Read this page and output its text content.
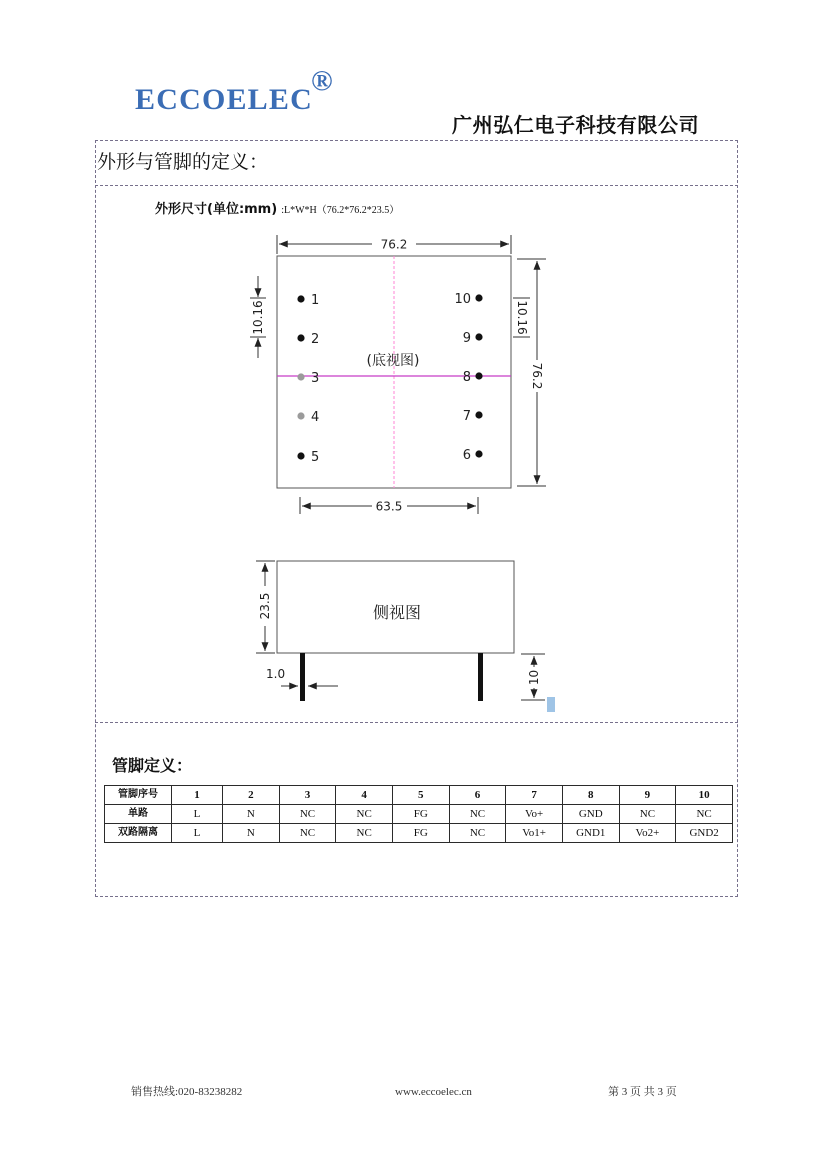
ECCOELEC
®
广州弘仁电子科技有限公司
外形与管脚的定义：
外形尺寸(单位:mm) :L*W*H（76.2*76.2*23.5）
(底视图)
1
2
3
4
5
10
9
8
7
6
76.2
76.2
10.16	10.16
63.5
侧视图
23.5
1.0	10
管脚定义：
管脚序号	1	2	3	4	5	6	7	8	9	10
单路	L	N	NC	NC	FG	NC	Vo+	GND	NC	NC
双路隔离	L	N	NC	NC	FG	NC	Vo1+	GND1	Vo2+	GND2
销售热线:020-83238282	www.eccoelec.cn	第 3 页 共 3 页
